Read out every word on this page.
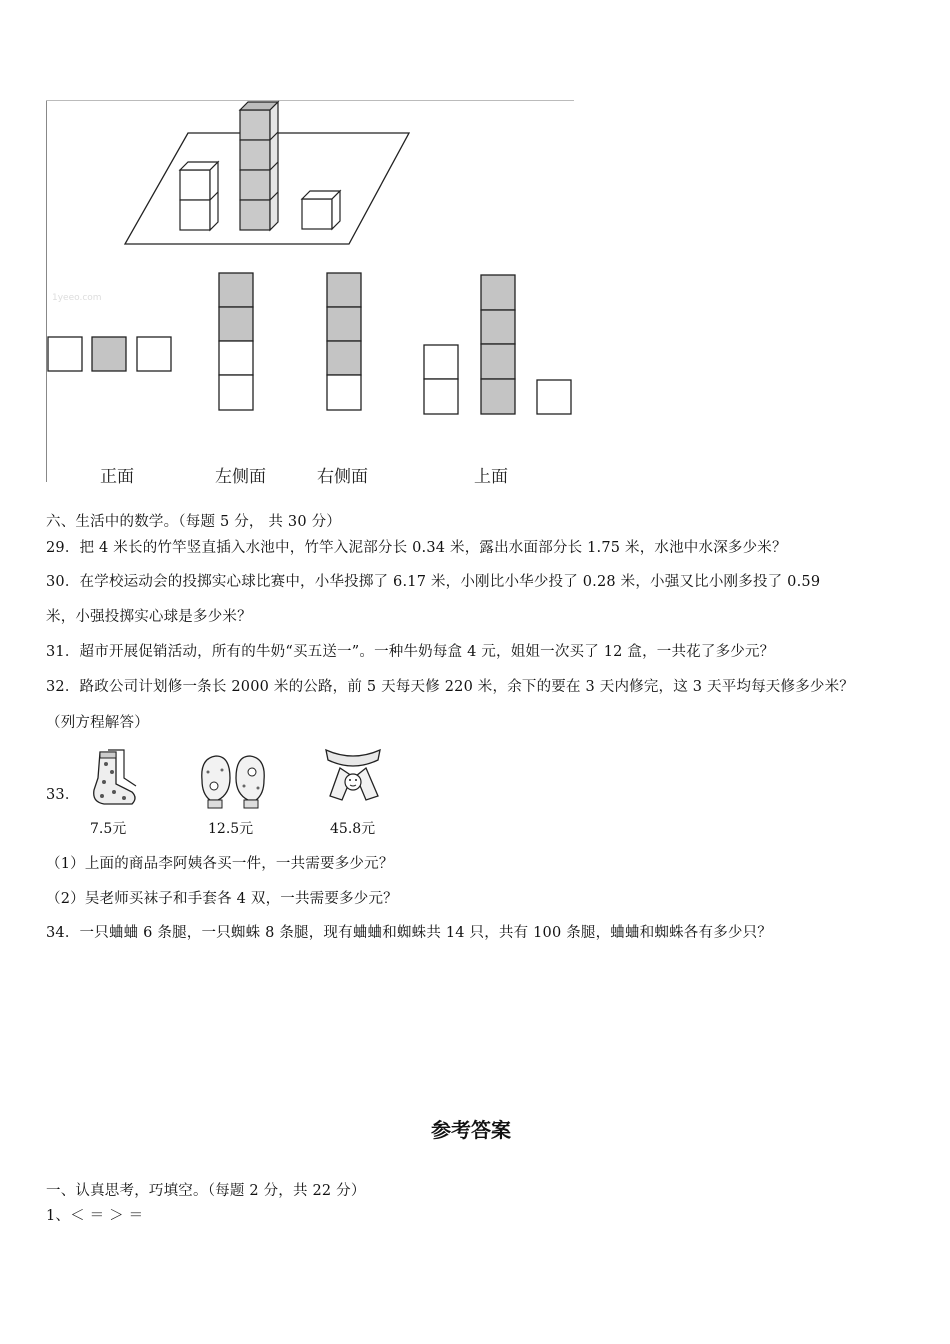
1yeeo.com
正面	左侧面	右侧面	上面
六、生活中的数学。（每题 5 分， 共 30 分）
29．把 4 米长的竹竿竖直插入水池中，竹竿入泥部分长 0.34 米，露出水面部分长 1.75 米，水池中水深多少米？
30．在学校运动会的投掷实心球比赛中，小华投掷了 6.17 米，小刚比小华少投了 0.28 米，小强又比小刚多投了 0.59
米，小强投掷实心球是多少米？
31．超市开展促销活动，所有的牛奶“买五送一”。一种牛奶每盒 4 元，姐姐一次买了 12 盒，一共花了多少元？
32．路政公司计划修一条长 2000 米的公路，前 5 天每天修 220 米，余下的要在 3 天内修完，这 3 天平均每天修多少米？
（列方程解答）
33．
7.5元	12.5元	45.8元
（1）上面的商品李阿姨各买一件，一共需要多少元？
（2）吴老师买袜子和手套各 4 双，一共需要多少元？
34．一只蛐蛐 6 条腿，一只蜘蛛 8 条腿，现有蛐蛐和蜘蛛共 14 只，共有 100 条腿，蛐蛐和蜘蛛各有多少只？
参考答案
一、认真思考，巧填空。（每题 2 分，共 22 分）
1、＜ ＝ ＞ ＝
